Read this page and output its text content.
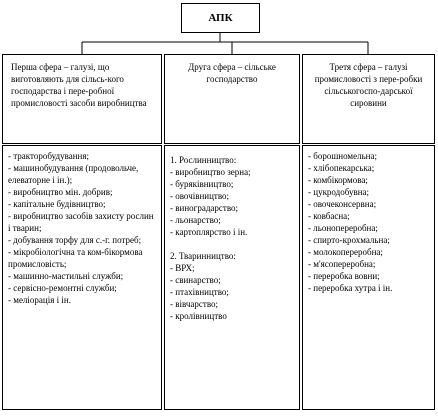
АПК
Перша сфера – галузі, що виготовляють для сільсь-кого господарства і пере-робної промисловості засоби виробництва

- тракторобудування;

- машинобудування (продовольче, елеваторне і ін.);

- виробництво мін. добрив;

- капітальне будівництво;

- виробництво засобів захисту рослин і тварин;

- добування торфу для с.-г. потреб;

- мікробіологічна та ком-бікормова промисловість;

- машинно-мастильні служби;

- сервісно-ремонтні служби;

- меліорація і ін.

Друга сфера – сільське господарство

1. Рослинництво:

- виробництво зерна;

- буряківництво;

- овочівництво;

- виноградарство;

- льонарство;

- картоплярство і ін.

2. Тваринництво:

- ВРХ;

- свинарство;

- птахівництво;

- вівчарство;

- кролівництво

Третя сфера – галузі промисловості з пере-робки сільськогоспо-дарської сировини

- борошномельна;

- хлібопекарська;

- комбікормова;

- цукродобувна;

- овочеконсервна;

- ковбасна;

- льонопереробна;

- спирто-крохмальна;

- молокопереробна;

- м'ясопереробна;

- переробка вовни;

- переробка хутра і ін.
